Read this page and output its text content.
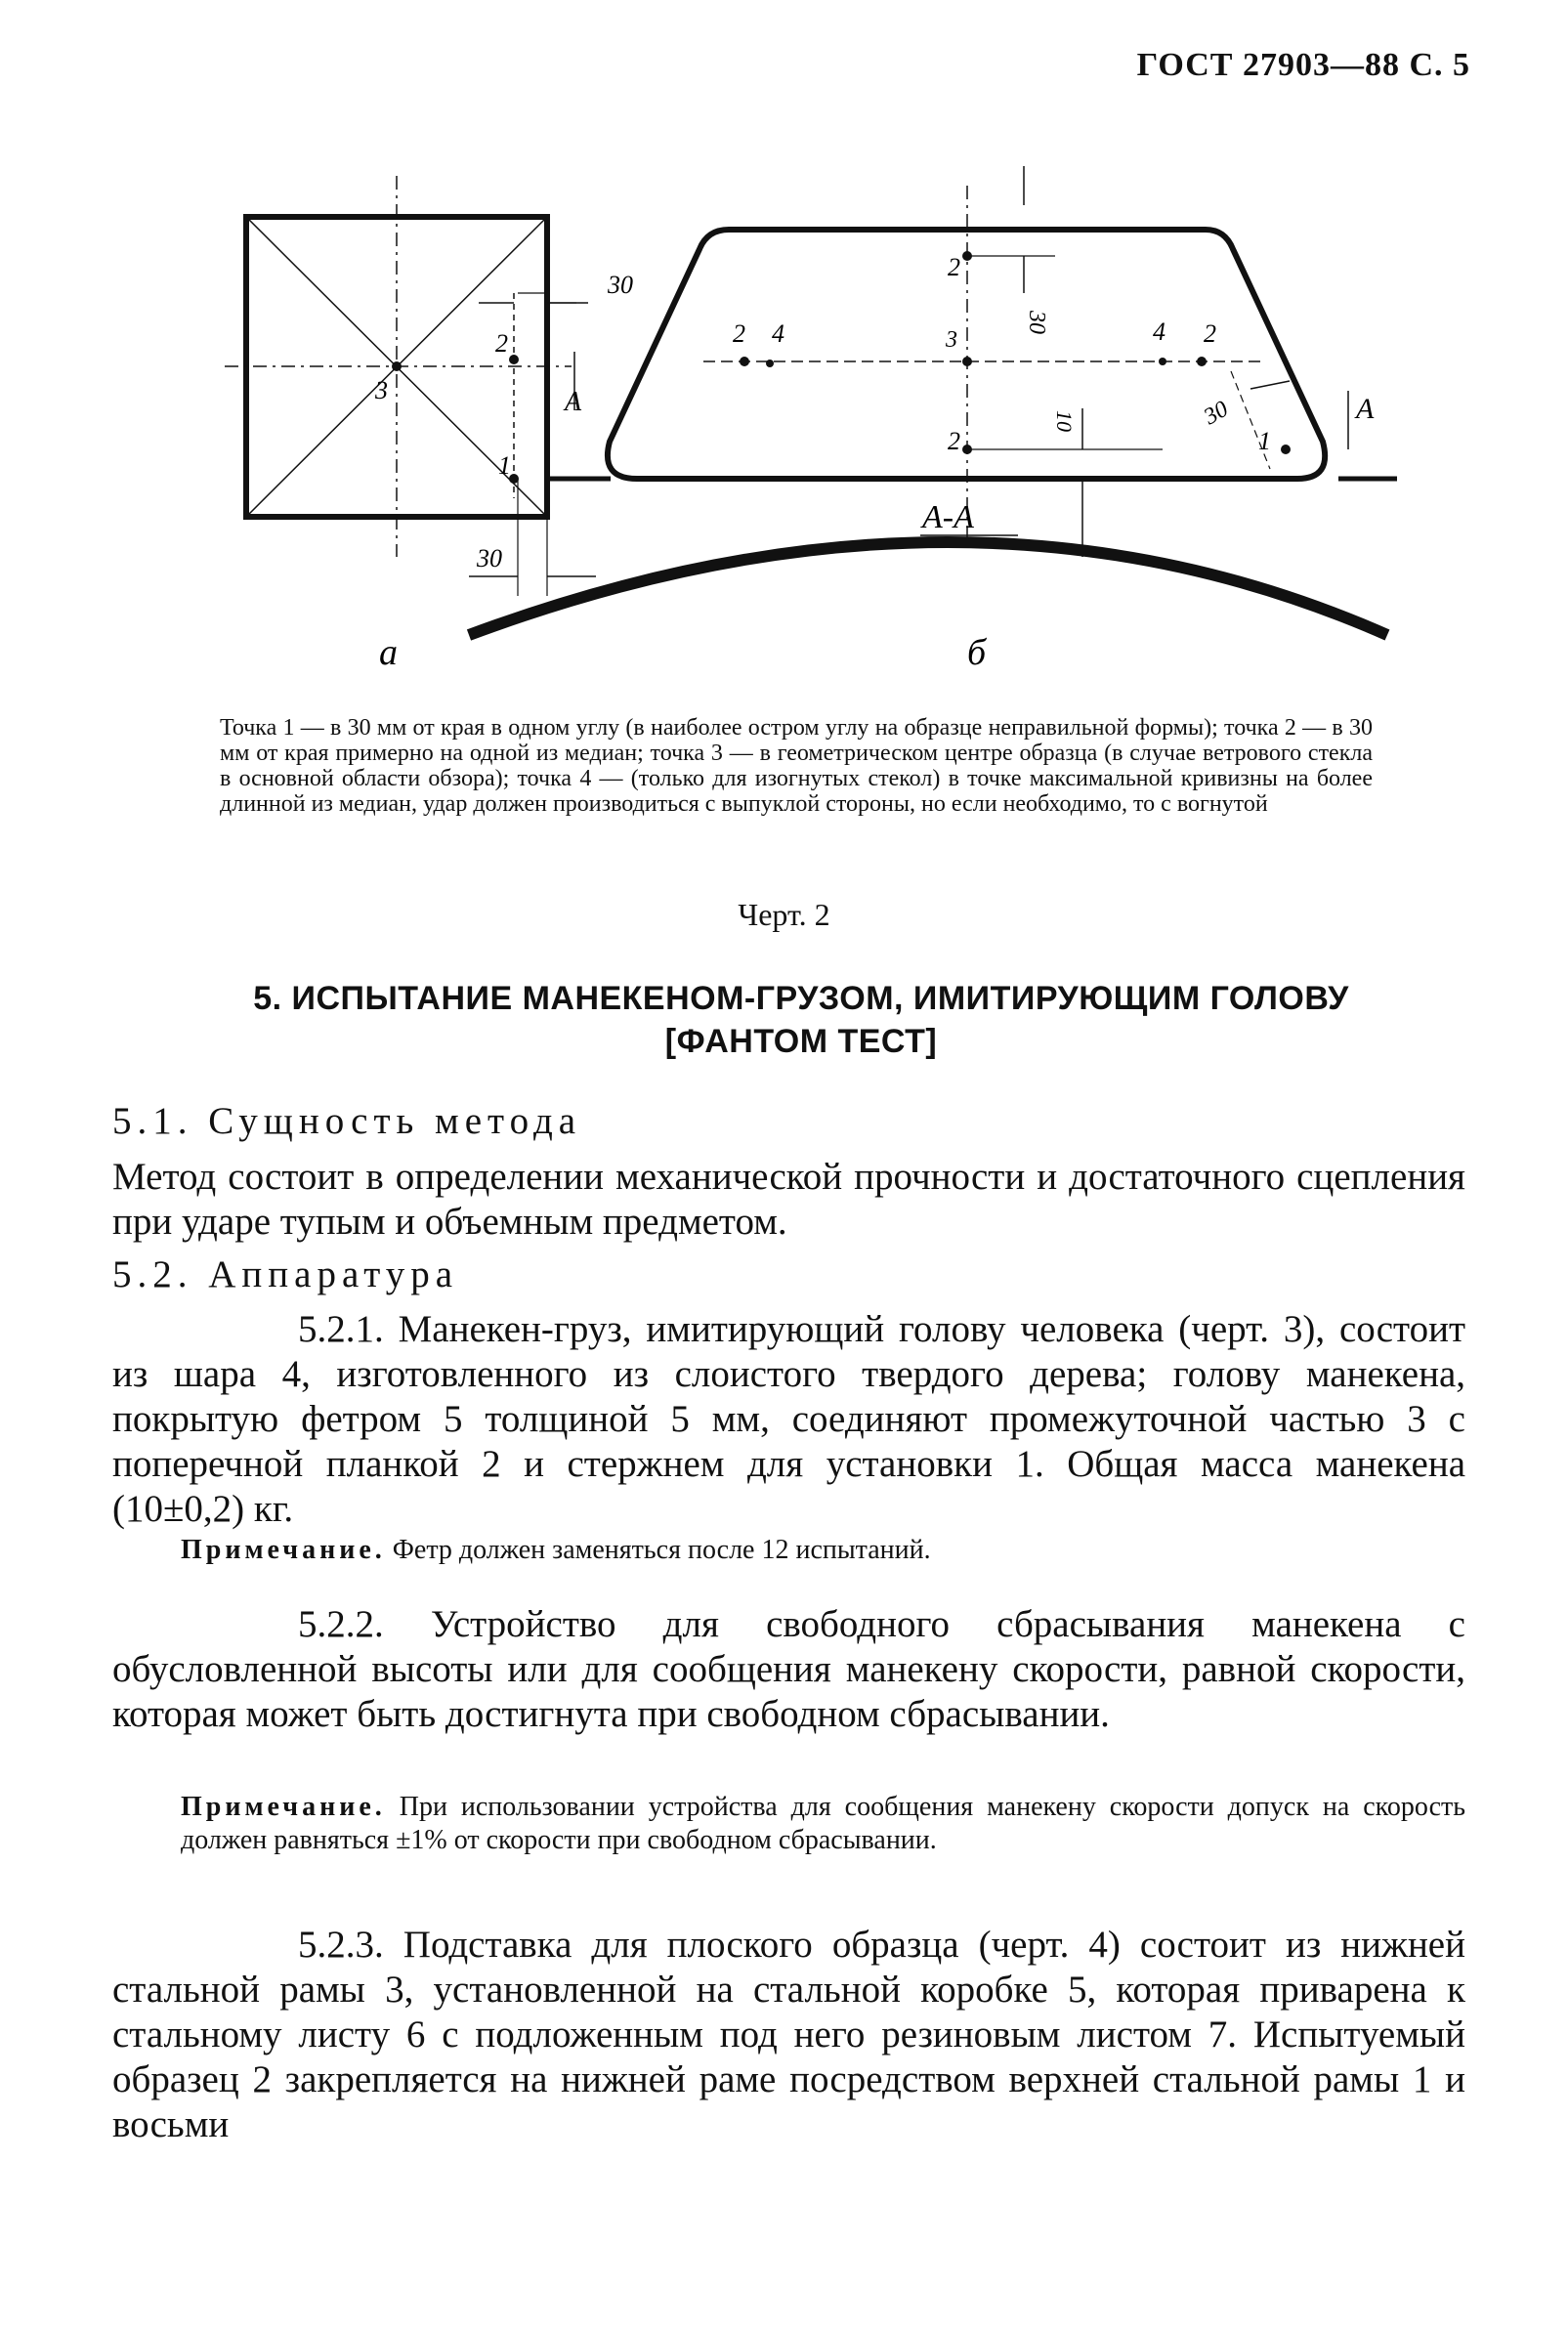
ГОСТ 27903—88 С. 5
30
30
2
3
1
A
2
30
2 4	3	4 2
2
10	30
1
A
A-A
а	б
Точка 1 — в 30 мм от края в одном углу (в наиболее остром углу на образце неправильной формы); точка 2 — в 30 мм от края примерно на одной из медиан; точка 3 — в геометрическом центре образца (в случае ветрового стекла в основной области обзора); точка 4 — (только для изогнутых стекол) в точке максимальной кривизны на более длинной из медиан, удар должен производиться с выпуклой стороны, но если необходимо, то с вогнутой
Черт. 2
5. ИСПЫТАНИЕ МАНЕКЕНОМ-ГРУЗОМ, ИМИТИРУЮЩИМ ГОЛОВУ
[ФАНТОМ ТЕСТ]
5.1. Сущность метода
Метод состоит в определении механической прочности и достаточного сцепления при ударе тупым и объемным предметом.
5.2. Аппаратура
5.2.1. Манекен-груз, имитирующий голову человека (черт. 3), состоит из шара 4, изготовленного из слоистого твердого дерева; голову манекена, покрытую фетром 5 толщиной 5 мм, соединяют промежуточной частью 3 с поперечной планкой 2 и стержнем для установки 1. Общая масса манекена (10±0,2) кг.
Примечание. Фетр должен заменяться после 12 испытаний.
5.2.2. Устройство для свободного сбрасывания манекена с обусловленной высоты или для сообщения манекену скорости, равной скорости, которая может быть достигнута при свободном сбрасывании.
Примечание. При использовании устройства для сообщения манекену скорости допуск на скорость должен равняться ±1% от скорости при свободном сбрасывании.
5.2.3. Подставка для плоского образца (черт. 4) состоит из нижней стальной рамы 3, установленной на стальной коробке 5, которая приварена к стальному листу 6 с подложенным под него резиновым листом 7. Испытуемый образец 2 закрепляется на нижней раме посредством верхней стальной рамы 1 и восьми
